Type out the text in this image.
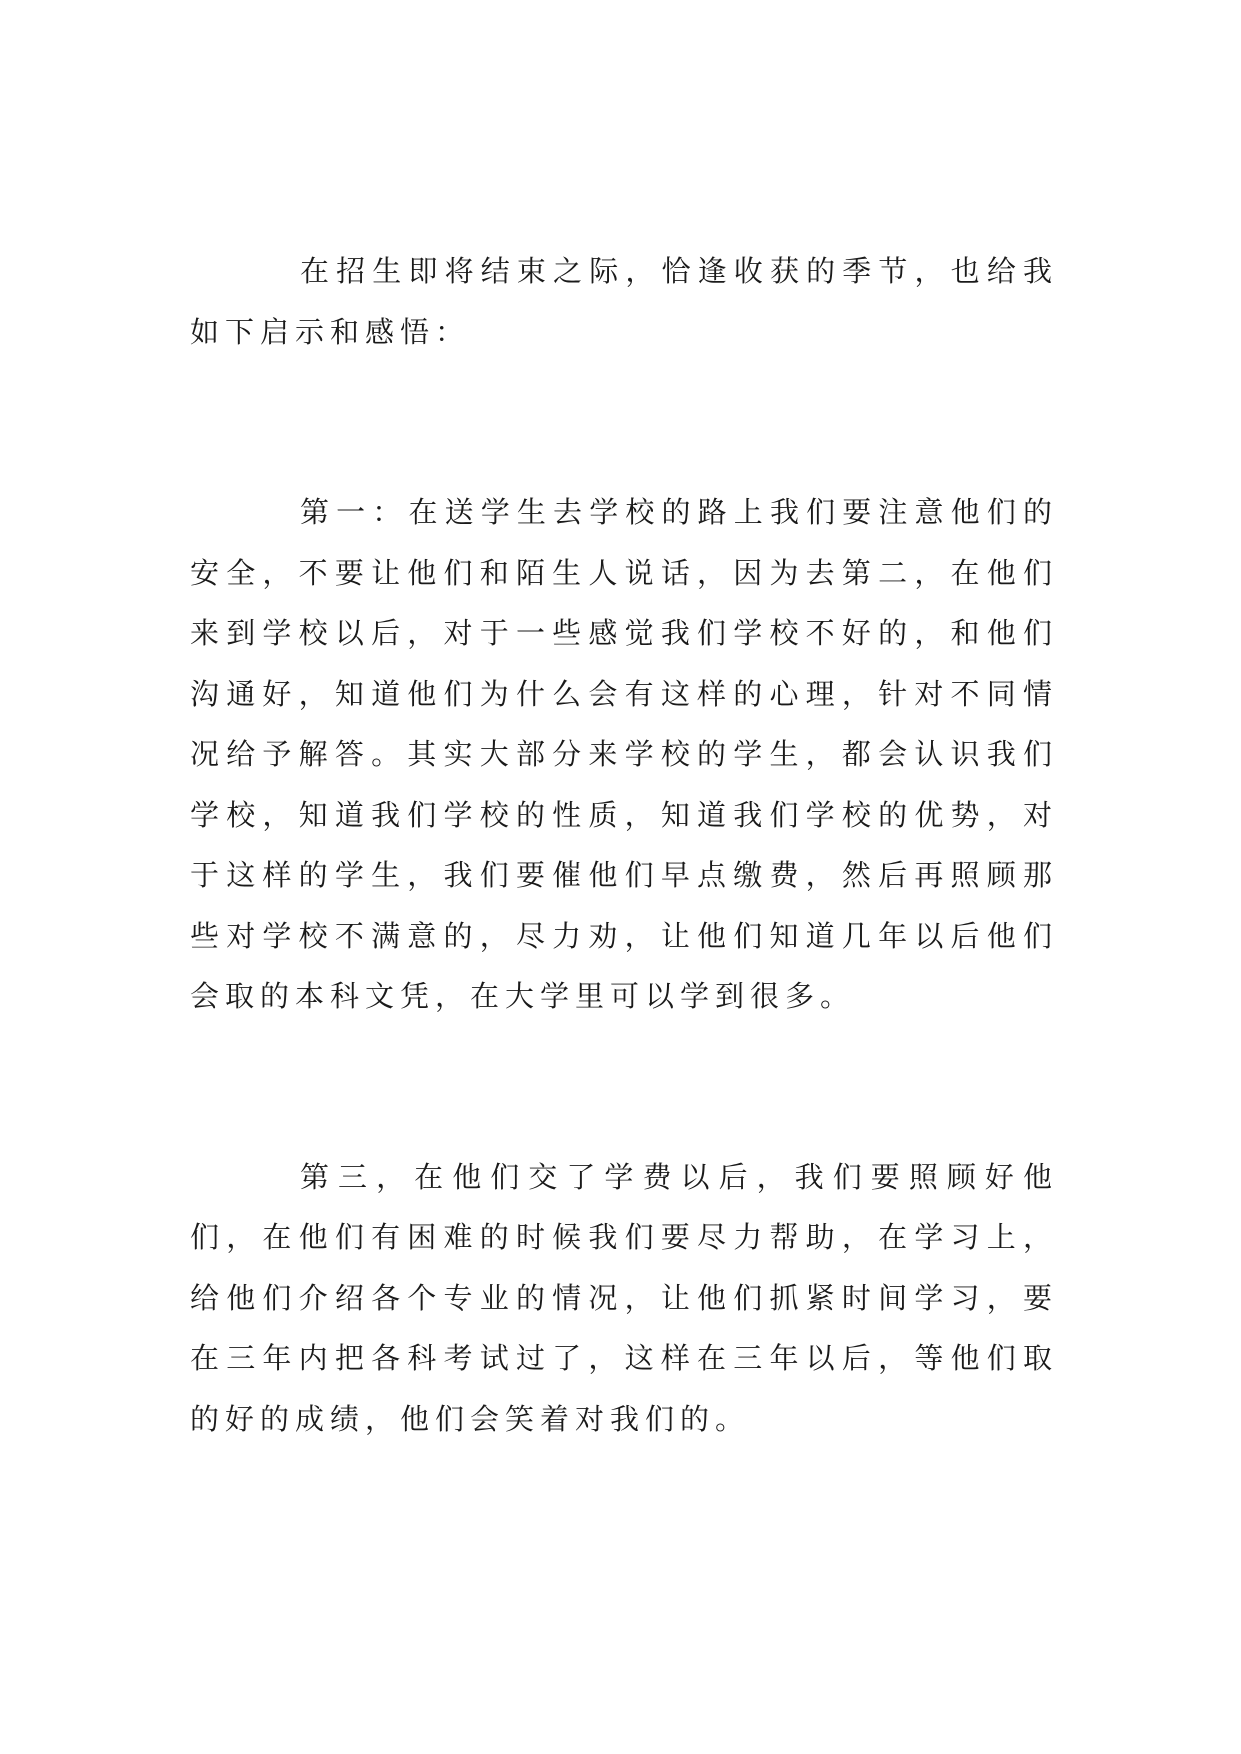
在招生即将结束之际，恰逢收获的季节，也给我如下启示和感悟：

第一：在送学生去学校的路上我们要注意他们的安全，不要让他们和陌生人说话，因为去第二，在他们来到学校以后，对于一些感觉我们学校不好的，和他们沟通好，知道他们为什么会有这样的心理，针对不同情况给予解答。其实大部分来学校的学生，都会认识我们学校，知道我们学校的性质，知道我们学校的优势，对于这样的学生，我们要催他们早点缴费，然后再照顾那些对学校不满意的，尽力劝，让他们知道几年以后他们会取的本科文凭，在大学里可以学到很多。

第三，在他们交了学费以后，我们要照顾好他们，在他们有困难的时候我们要尽力帮助，在学习上，给他们介绍各个专业的情况，让他们抓紧时间学习，要在三年内把各科考试过了，这样在三年以后，等他们取的好的成绩，他们会笑着对我们的。
